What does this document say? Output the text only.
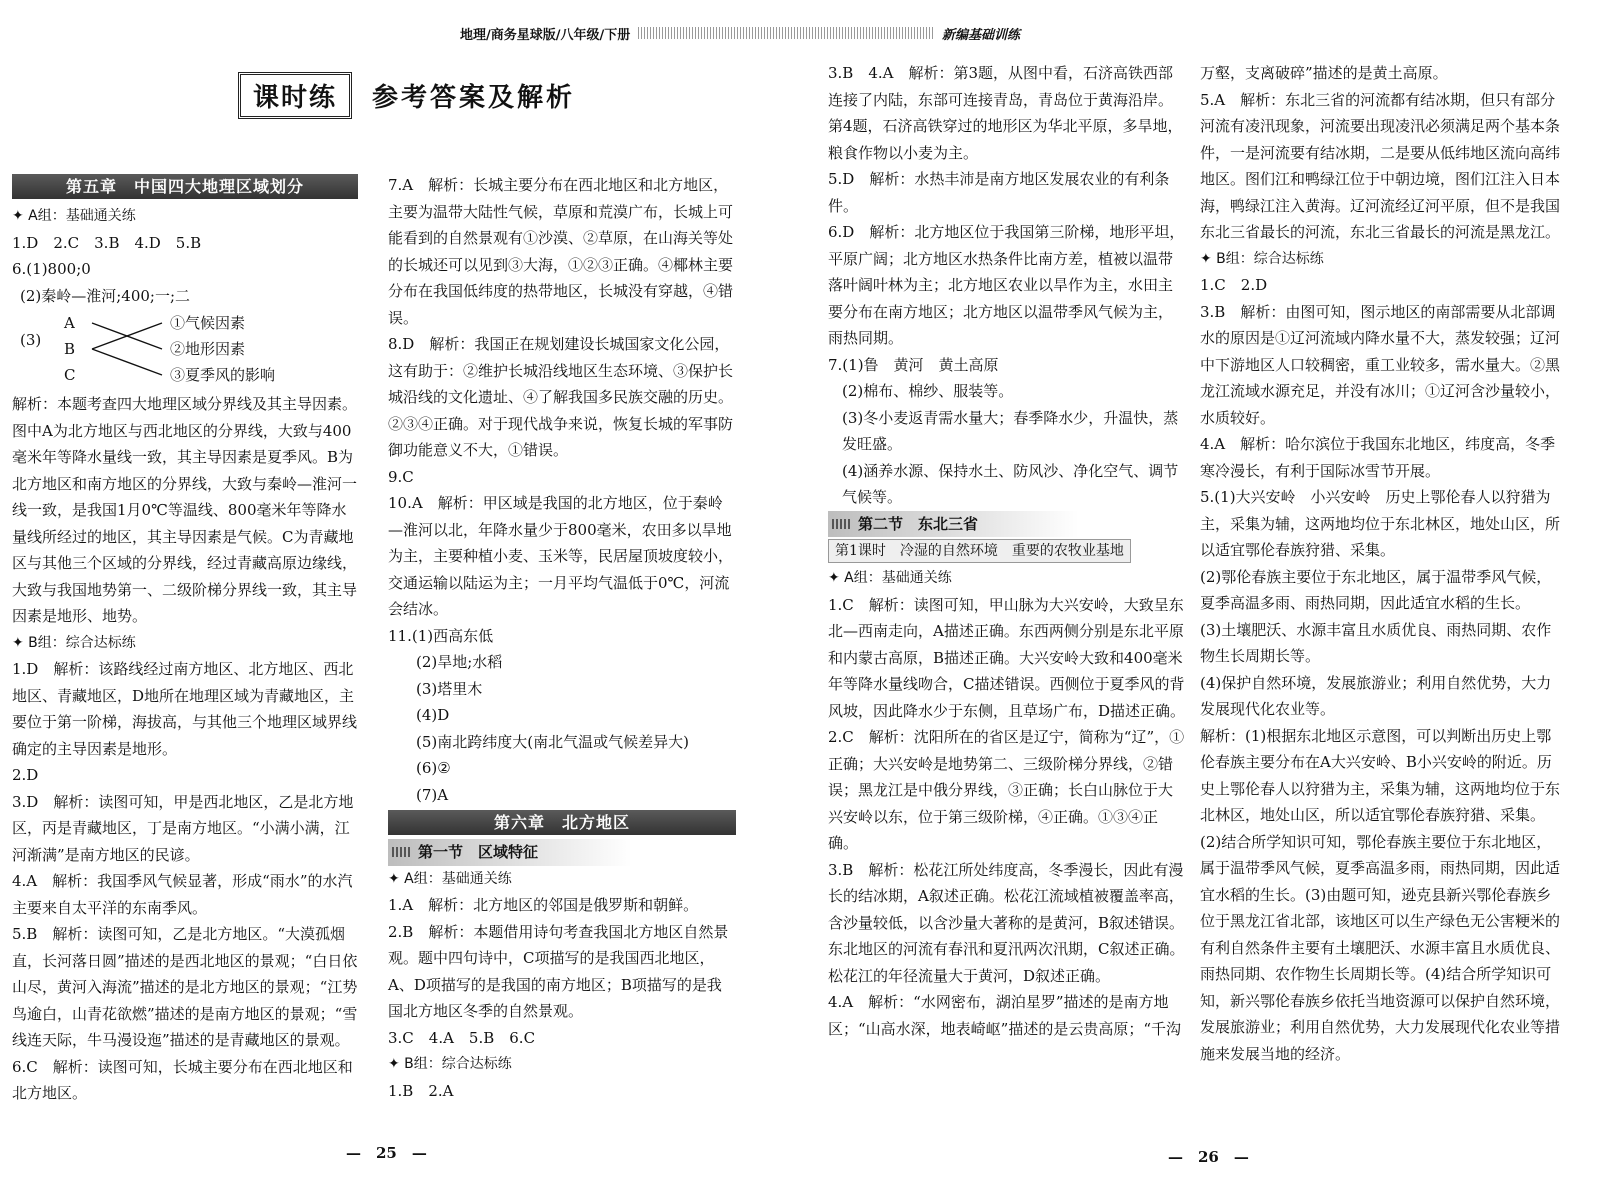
地理/商务星球版/八年级/下册	新编基础训练
课时练	参考答案及解析
第五章　中国四大地理区域划分

✦ A组：基础通关练

1.D　2.C　3.B　4.D　5.B

6.(1)800;0

(2)秦岭—淮河;400;一;二

(3)
A
B
C
①气候因素
②地形因素
③夏季风的影响

解析：本题考查四大地理区域分界线及其主导因素。图中A为北方地区与西北地区的分界线，大致与400毫米年等降水量线一致，其主导因素是夏季风。B为北方地区和南方地区的分界线，大致与秦岭—淮河一线一致，是我国1月0℃等温线、800毫米年等降水量线所经过的地区，其主导因素是气候。C为青藏地区与其他三个区域的分界线，经过青藏高原边缘线，大致与我国地势第一、二级阶梯分界线一致，其主导因素是地形、地势。

✦ B组：综合达标练

1.D　解析：该路线经过南方地区、北方地区、西北地区、青藏地区，D地所在地理区域为青藏地区，主要位于第一阶梯，海拔高，与其他三个地理区域界线确定的主导因素是地形。

2.D

3.D　解析：读图可知，甲是西北地区，乙是北方地区，丙是青藏地区，丁是南方地区。“小满小满，江河渐满”是南方地区的民谚。

4.A　解析：我国季风气候显著，形成“雨水”的水汽主要来自太平洋的东南季风。

5.B　解析：读图可知，乙是北方地区。“大漠孤烟直，长河落日圆”描述的是西北地区的景观；“白日依山尽，黄河入海流”描述的是北方地区的景观；“江势鸟逾白，山青花欲燃”描述的是南方地区的景观；“雪线连天际，牛马漫设迤”描述的是青藏地区的景观。

6.C　解析：读图可知，长城主要分布在西北地区和北方地区。

7.A　解析：长城主要分布在西北地区和北方地区，主要为温带大陆性气候，草原和荒漠广布，长城上可能看到的自然景观有①沙漠、②草原，在山海关等处的长城还可以见到③大海，①②③正确。④椰林主要分布在我国低纬度的热带地区，长城没有穿越，④错误。

8.D　解析：我国正在规划建设长城国家文化公园，这有助于：②维护长城沿线地区生态环境、③保护长城沿线的文化遗址、④了解我国多民族交融的历史。②③④正确。对于现代战争来说，恢复长城的军事防御功能意义不大，①错误。

9.C

10.A　解析：甲区域是我国的北方地区，位于秦岭—淮河以北，年降水量少于800毫米，农田多以旱地为主，主要种植小麦、玉米等，民居屋顶坡度较小，交通运输以陆运为主；一月平均气温低于0℃，河流会结冰。

11.(1)西高东低

(2)旱地;水稻

(3)塔里木

(4)D

(5)南北跨纬度大(南北气温或气候差异大)

(6)②

(7)A

第六章　北方地区

第一节　区域特征

✦ A组：基础通关练

1.A　解析：北方地区的邻国是俄罗斯和朝鲜。

2.B　解析：本题借用诗句考查我国北方地区自然景观。题中四句诗中，C项描写的是我国西北地区，A、D项描写的是我国的南方地区；B项描写的是我国北方地区冬季的自然景观。

3.C　4.A　5.B　6.C

✦ B组：综合达标练

1.B　2.A

3.B　4.A　解析：第3题，从图中看，石济高铁西部连接了内陆，东部可连接青岛，青岛位于黄海沿岸。第4题，石济高铁穿过的地形区为华北平原，多旱地，粮食作物以小麦为主。

5.D　解析：水热丰沛是南方地区发展农业的有利条件。

6.D　解析：北方地区位于我国第三阶梯，地形平坦，平原广阔；北方地区水热条件比南方差，植被以温带落叶阔叶林为主；北方地区农业以旱作为主，水田主要分布在南方地区；北方地区以温带季风气候为主，雨热同期。

7.(1)鲁　黄河　黄土高原

(2)棉布、棉纱、服装等。

(3)冬小麦返青需水量大；春季降水少，升温快，蒸发旺盛。

(4)涵养水源、保持水土、防风沙、净化空气、调节气候等。

第二节　东北三省

第1课时　冷湿的自然环境　重要的农牧业基地

✦ A组：基础通关练

1.C　解析：读图可知，甲山脉为大兴安岭，大致呈东北—西南走向，A描述正确。东西两侧分别是东北平原和内蒙古高原，B描述正确。大兴安岭大致和400毫米年等降水量线吻合，C描述错误。西侧位于夏季风的背风坡，因此降水少于东侧，且草场广布，D描述正确。

2.C　解析：沈阳所在的省区是辽宁，简称为“辽”，①正确；大兴安岭是地势第二、三级阶梯分界线，②错误；黑龙江是中俄分界线，③正确；长白山脉位于大兴安岭以东，位于第三级阶梯，④正确。①③④正确。

3.B　解析：松花江所处纬度高，冬季漫长，因此有漫长的结冰期，A叙述正确。松花江流域植被覆盖率高，含沙量较低，以含沙量大著称的是黄河，B叙述错误。东北地区的河流有春汛和夏汛两次汛期，C叙述正确。松花江的年径流量大于黄河，D叙述正确。

4.A　解析：“水网密布，湖泊星罗”描述的是南方地区；“山高水深，地表崎岖”描述的是云贵高原；“千沟

万壑，支离破碎”描述的是黄土高原。

5.A　解析：东北三省的河流都有结冰期，但只有部分河流有凌汛现象，河流要出现凌汛必须满足两个基本条件，一是河流要有结冰期，二是要从低纬地区流向高纬地区。图们江和鸭绿江位于中朝边境，图们江注入日本海，鸭绿江注入黄海。辽河流经辽河平原，但不是我国东北三省最长的河流，东北三省最长的河流是黑龙江。

✦ B组：综合达标练

1.C　2.D

3.B　解析：由图可知，图示地区的南部需要从北部调水的原因是①辽河流域内降水量不大，蒸发较强；辽河中下游地区人口较稠密，重工业较多，需水量大。②黑龙江流域水源充足，并没有冰川；①辽河含沙量较小，水质较好。

4.A　解析：哈尔滨位于我国东北地区，纬度高，冬季寒冷漫长，有利于国际冰雪节开展。

5.(1)大兴安岭　小兴安岭　历史上鄂伦春人以狩猎为主，采集为辅，这两地均位于东北林区，地处山区，所以适宜鄂伦春族狩猎、采集。

(2)鄂伦春族主要位于东北地区，属于温带季风气候，夏季高温多雨、雨热同期，因此适宜水稻的生长。

(3)土壤肥沃、水源丰富且水质优良、雨热同期、农作物生长周期长等。

(4)保护自然环境，发展旅游业；利用自然优势，大力发展现代化农业等。

解析：(1)根据东北地区示意图，可以判断出历史上鄂伦春族主要分布在A大兴安岭、B小兴安岭的附近。历史上鄂伦春人以狩猎为主，采集为辅，这两地均位于东北林区，地处山区，所以适宜鄂伦春族狩猎、采集。(2)结合所学知识可知，鄂伦春族主要位于东北地区，属于温带季风气候，夏季高温多雨，雨热同期，因此适宜水稻的生长。(3)由题可知，逊克县新兴鄂伦春族乡位于黑龙江省北部，该地区可以生产绿色无公害粳米的有利自然条件主要有土壤肥沃、水源丰富且水质优良、雨热同期、农作物生长周期长等。(4)结合所学知识可知，新兴鄂伦春族乡依托当地资源可以保护自然环境，发展旅游业；利用自然优势，大力发展现代化农业等措施来发展当地的经济。

—　25　—	—　26　—
